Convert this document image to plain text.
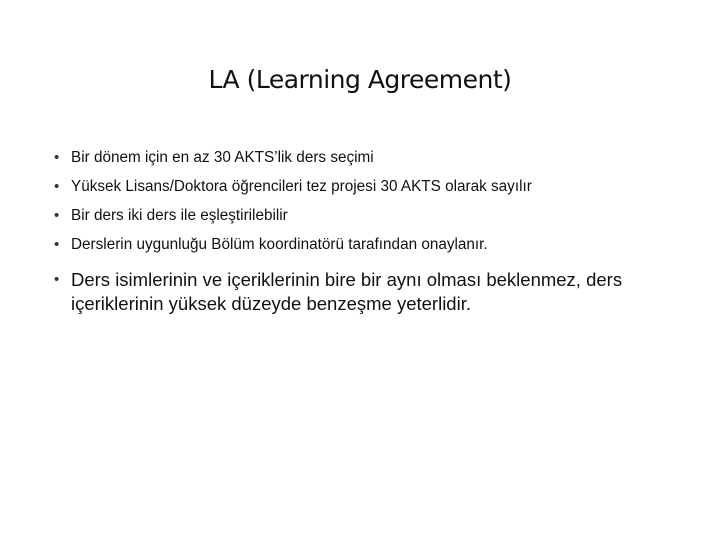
LA (Learning Agreement)
• Bir dönem için en az 30 AKTS’lik ders seçimi
• Yüksek Lisans/Doktora öğrencileri tez projesi 30 AKTS olarak sayılır
• Bir ders iki ders ile eşleştirilebilir
• Derslerin uygunluğu Bölüm koordinatörü tarafından onaylanır.
• Ders isimlerinin ve içeriklerinin bire bir aynı olması beklenmez, ders içeriklerinin yüksek düzeyde benzeşme yeterlidir.
